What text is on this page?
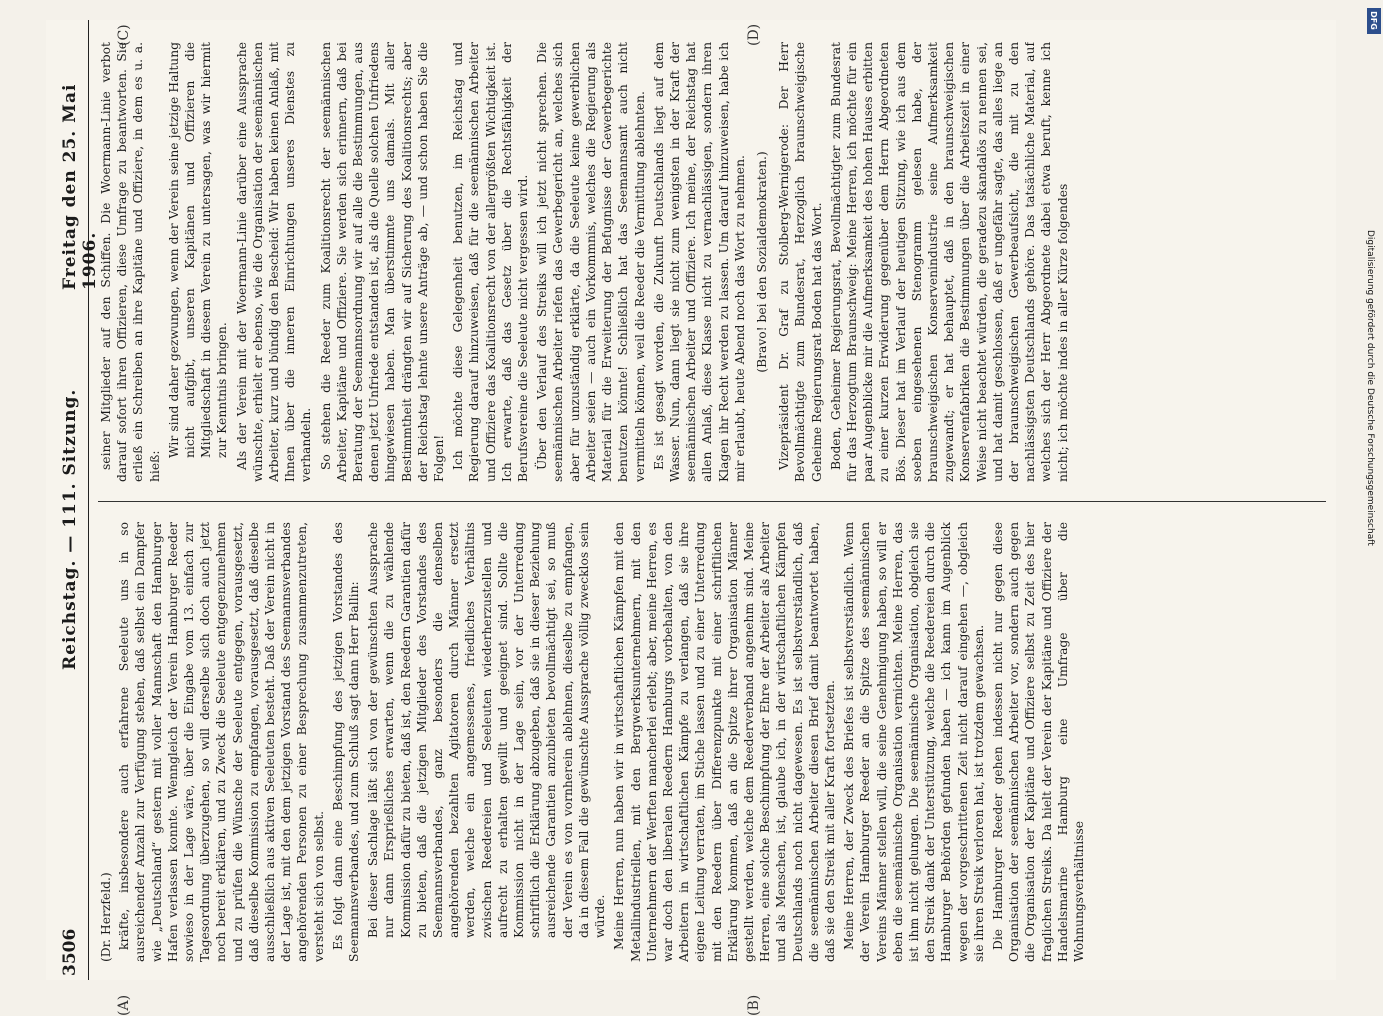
3506
Reichstag. — 111. Sitzung.
Freitag den 25. Mai 1906.
(A)	(B)
(C)	(D)

(Dr. Herzfeld.) kräfte, insbesondere auch erfahrene Seeleute uns in so ausreichender Anzahl zur Verfügung stehen, daß selbst ein Dampfer wie „Deutschland“ gestern mit voller Mannschaft den Hamburger Hafen verlassen konnte. Wenngleich der Verein Hamburger Reeder sowieso in der Lage wäre, über die Eingabe vom 13. einfach zur Tagesordnung überzugehen, so will derselbe sich doch auch jetzt noch bereit erklären, und zu Zweck die Seeleute entgegenzunehmen und zu prüfen die Wünsche der Seeleute entgegen, vorausgesetzt, daß dieselbe Kommission zu empfangen, vorausgesetzt, daß dieselbe ausschließlich aus aktiven Seeleuten besteht. Daß der Verein nicht in der Lage ist, mit den dem jetzigen Vorstand des Seemannsverbandes angehörenden Personen zu einer Besprechung zusammenzutreten, versteht sich von selbst. Es folgt dann eine Beschimpfung des jetzigen Vorstandes des Seemannsverbandes, und zum Schluß sagt dann Herr Ballin: Bei dieser Sachlage läßt sich von der gewünschten Aussprache nur dann Ersprießliches erwarten, wenn die zu wählende Kommission dafür zu bieten, daß ist, den Reedern Garantien dafür zu bieten, daß die jetzigen Mitglieder des Vorstandes des Seemannsverbandes, ganz besonders die denselben angehörenden bezahlten Agitatoren durch Männer ersetzt werden, welche ein angemessenes, friedliches Verhältnis zwischen Reedereien und Seeleuten wiederherzustellen und aufrecht zu erhalten gewillt und geeignet sind. Sollte die Kommission nicht in der Lage sein, vor der Unterredung schriftlich die Erklärung abzugeben, daß sie in dieser Beziehung ausreichende Garantien anzubieten bevollmächtigt sei, so muß der Verein es von vornherein ablehnen, dieselbe zu empfangen, da in diesem Fall die gewünschte Aussprache völlig zwecklos sein würde. Meine Herren, nun haben wir in wirtschaftlichen Kämpfen mit den Metallindustriellen, mit den Bergwerksunternehmern, mit den Unternehmern der Werften mancherlei erlebt; aber, meine Herren, es war doch den liberalen Reedern Hamburgs vorbehalten, von den Arbeitern in wirtschaftlichen Kämpfe zu verlangen, daß sie ihre eigene Leitung verraten, im Stiche lassen und zu einer Unterredung mit den Reedern über Differenzpunkte mit einer schriftlichen Erklärung kommen, daß an die Spitze ihrer Organisation Männer gestellt werden, welche dem Reederverband angenehm sind. Meine Herren, eine solche Beschimpfung der Ehre der Arbeiter als Arbeiter und als Menschen, ist, glaube ich, in der wirtschaftlichen Kämpfen Deutschlands noch nicht dagewesen. Es ist selbstverständlich, daß die seemännischen Arbeiter diesen Brief damit beantwortet haben, daß sie den Streik mit aller Kraft fortsetzten. Meine Herren, der Zweck des Briefes ist selbstverständlich. Wenn der Verein Hamburger Reeder an die Spitze des seemännischen Vereins Männer stellen will, die seine Genehmigung haben, so will er eben die seemännische Organisation vernichten. Meine Herren, das ist ihm nicht gelungen. Die seemännische Organisation, obgleich sie den Streik dank der Unterstützung, welche die Reedereien durch die Hamburger Behörden gefunden haben — ich kann im Augenblick wegen der vorgeschrittenen Zeit nicht darauf eingehen —, obgleich sie ihren Streik verloren hat, ist trotzdem gewachsen. Die Hamburger Reeder gehen indessen nicht nur gegen diese Organisation der seemännischen Arbeiter vor, sondern auch gegen die Organisation der Kapitäne und Offiziere selbst zu Zeit des hier fraglichen Streiks. Da hielt der Verein der Kapitäne und Offiziere der Handelsmarine Hamburg eine Umfrage über die Wohnungsverhältnisse

seiner Mitglieder auf den Schiffen. Die Woermann-Linie verbot darauf sofort ihren Offizieren, diese Umfrage zu beantworten. Sie erließ ein Schreiben an ihre Kapitäne und Offiziere, in dem es u. a. hieß:

Wir sind daher gezwungen, wenn der Verein seine jetzige Haltung nicht aufgibt, unseren Kapitänen und Offizieren die Mitgliedschaft in diesem Verein zu untersagen, was wir hiermit zur Kenntnis bringen. Als der Verein mit der Woermann-Linie darüber eine Aussprache wünschte, erhielt er ebenso, wie die Organisation der seemännischen Arbeiter, kurz und bündig den Bescheid: Wir haben keinen Anlaß, mit Ihnen über die inneren Einrichtungen unseres Dienstes zu verhandeln. So stehen die Reeder zum Koalitionsrecht der seemännischen Arbeiter, Kapitäne und Offiziere. Sie werden sich erinnern, daß bei Beratung der Seemannsordnung wir auf alle die Bestimmungen, aus denen jetzt Unfriede entstanden ist, als die Quelle solchen Unfriedens hingewiesen haben. Man überstimmte uns damals. Mit aller Bestimmtheit drängten wir auf Sicherung des Koalitionsrechts; aber der Reichstag lehnte unsere Anträge ab, — und schon haben Sie die Folgen! Ich möchte diese Gelegenheit benutzen, im Reichstag und Regierung darauf hinzuweisen, daß für die seemännischen Arbeiter und Offiziere das Koalitionsrecht von der allergrößten Wichtigkeit ist. Ich erwarte, daß das Gesetz über die Rechtsfähigkeit der Berufsvereine die Seeleute nicht vergessen wird. Über den Verlauf des Streiks will ich jetzt nicht sprechen. Die seemännischen Arbeiter riefen das Gewerbegericht an, welches sich aber für unzuständig erklärte, da die Seeleute keine gewerblichen Arbeiter seien — auch ein Vorkommnis, welches die Regierung als Material für die Erweiterung der Befugnisse der Gewerbegerichte benutzen könnte! Schließlich hat das Seemannsamt auch nicht vermitteln können, weil die Reeder die Vermittlung ablehnten. Es ist gesagt worden, die Zukunft Deutschlands liegt auf dem Wasser. Nun, dann liegt sie nicht zum wenigsten in der Kraft der seemännischen Arbeiter und Offiziere. Ich meine, der Reichstag hat allen Anlaß, diese Klasse nicht zu vernachlässigen, sondern ihren Klagen ihr Recht werden zu lassen. Um darauf hinzuweisen, habe ich mir erlaubt, heute Abend noch das Wort zu nehmen. (Bravo! bei den Sozialdemokraten.) Vizepräsident Dr. Graf zu Stolberg-Wernigerode: Der Herr Bevollmächtigte zum Bundesrat, Herzoglich braunschweigische Geheime Regierungsrat Boden hat das Wort. Boden, Geheimer Regierungsrat, Bevollmächtigter zum Bundesrat für das Herzogtum Braunschweig: Meine Herren, ich möchte für ein paar Augenblicke mir die Aufmerksamkeit des hohen Hauses erbitten zu einer kurzen Erwiderung gegenüber dem Herrn Abgeordneten Bös. Dieser hat im Verlauf der heutigen Sitzung, wie ich aus dem soeben eingesehenen Stenogramm gelesen habe, der braunschweigischen Konservenindustrie seine Aufmerksamkeit zugewandt; er hat behauptet, daß in den braunschweigischen Konservenfabriken die Bestimmungen über die Arbeitszeit in einer Weise nicht beachtet würden, die geradezu skandalös zu nennen sei, und hat damit geschlossen, daß er ungefähr sagte, das alles liege an der braunschweigischen Gewerbeaufsicht, die mit zu den nachlässigsten Deutschlands gehöre. Das tatsächliche Material, auf welches sich der Herr Abgeordnete dabei etwa beruft, kenne ich nicht; ich möchte indes in aller Kürze folgendes

DFG
Digitalisierung gefördert durch die Deutsche Forschungsgemeinschaft
